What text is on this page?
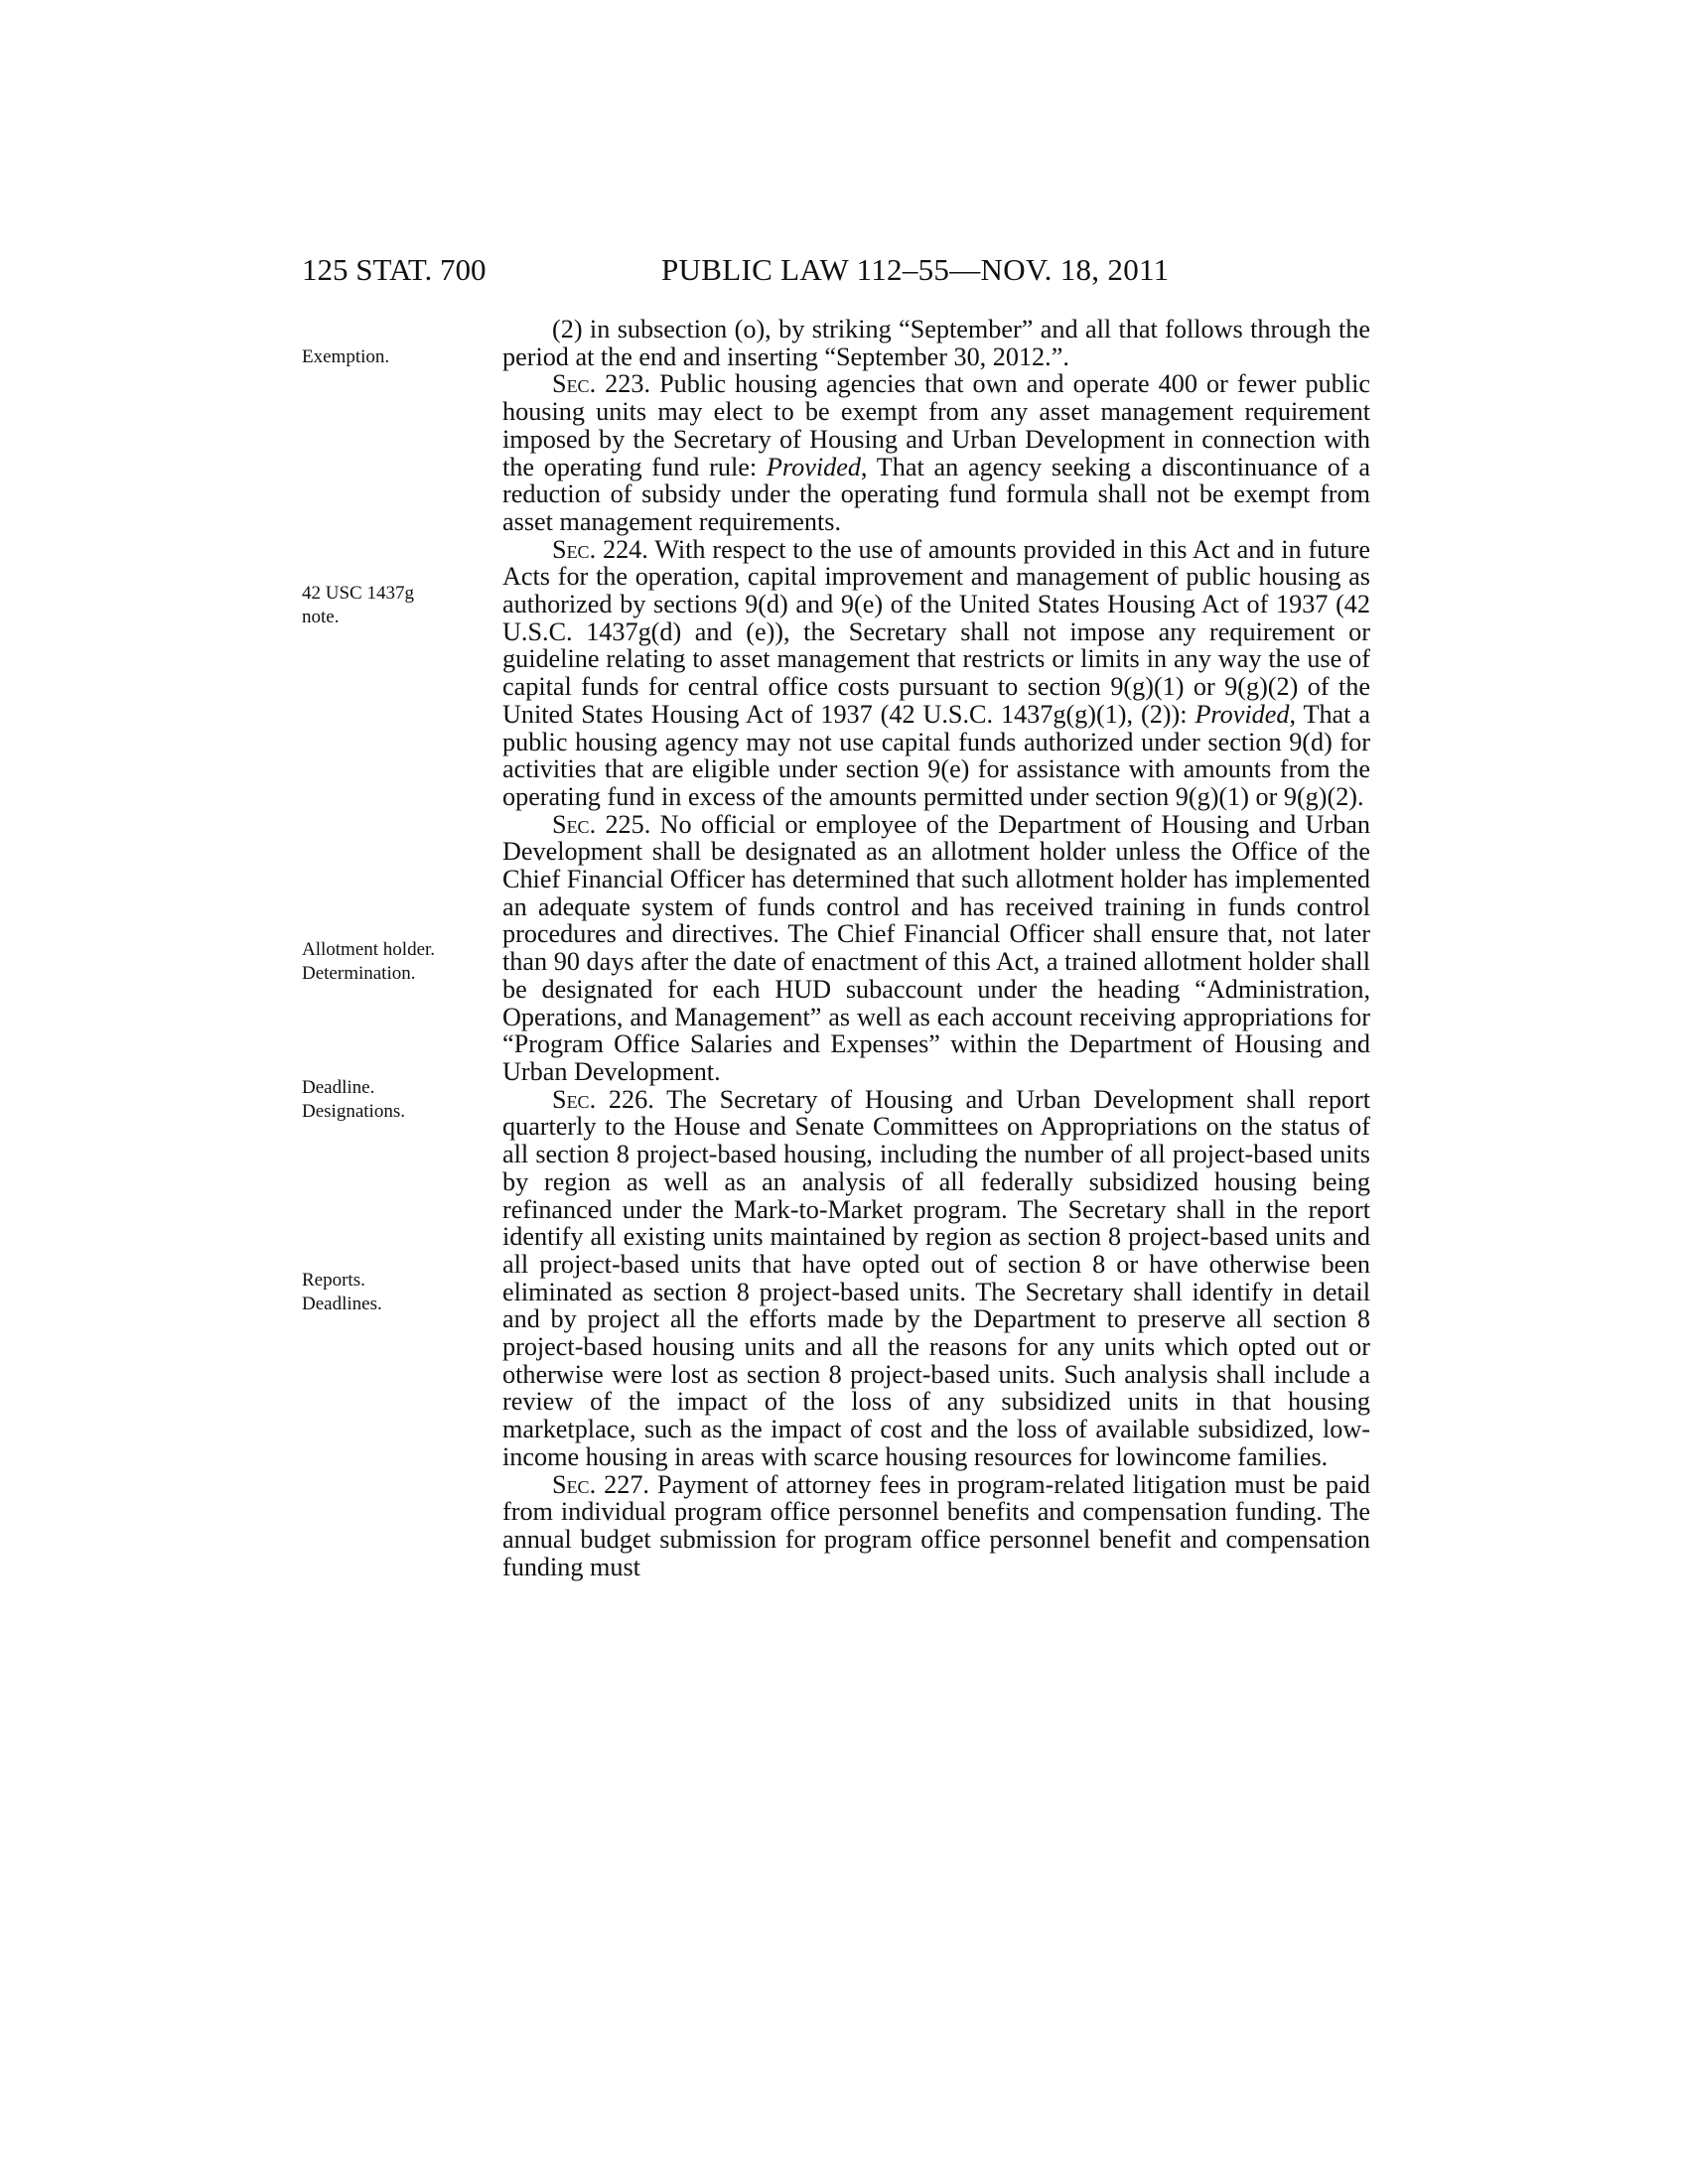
125 STAT. 700	PUBLIC LAW 112–55—NOV. 18, 2011
Exemption.
42 USC 1437g
note.
Allotment holder.
Determination.
Deadline.
Designations.
Reports.
Deadlines.

(2) in subsection (o), by striking “September” and all that follows through the period at the end and inserting “September 30, 2012.”.

Sec. 223. Public housing agencies that own and operate 400 or fewer public housing units may elect to be exempt from any asset management requirement imposed by the Secretary of Housing and Urban Development in connection with the operating fund rule: Provided, That an agency seeking a discontinuance of a reduction of subsidy under the operating fund formula shall not be exempt from asset management requirements.

Sec. 224. With respect to the use of amounts provided in this Act and in future Acts for the operation, capital improvement and management of public housing as authorized by sections 9(d) and 9(e) of the United States Housing Act of 1937 (42 U.S.C. 1437g(d) and (e)), the Secretary shall not impose any requirement or guideline relating to asset management that restricts or limits in any way the use of capital funds for central office costs pursuant to section 9(g)(1) or 9(g)(2) of the United States Housing Act of 1937 (42 U.S.C. 1437g(g)(1), (2)): Provided, That a public housing agency may not use capital funds authorized under section 9(d) for activities that are eligible under section 9(e) for assistance with amounts from the operating fund in excess of the amounts permitted under section 9(g)(1) or 9(g)(2).

Sec. 225. No official or employee of the Department of Housing and Urban Development shall be designated as an allotment holder unless the Office of the Chief Financial Officer has determined that such allotment holder has implemented an adequate system of funds control and has received training in funds control procedures and directives. The Chief Financial Officer shall ensure that, not later than 90 days after the date of enactment of this Act, a trained allotment holder shall be designated for each HUD subaccount under the heading “Administration, Operations, and Management” as well as each account receiving appropriations for “Program Office Salaries and Expenses” within the Department of Housing and Urban Development.

Sec. 226. The Secretary of Housing and Urban Development shall report quarterly to the House and Senate Committees on Appropriations on the status of all section 8 project-based housing, including the number of all project-based units by region as well as an analysis of all federally subsidized housing being refinanced under the Mark-to-Market program. The Secretary shall in the report identify all existing units maintained by region as section 8 project-based units and all project-based units that have opted out of section 8 or have otherwise been eliminated as section 8 project-based units. The Secretary shall identify in detail and by project all the efforts made by the Department to preserve all section 8 project-based housing units and all the reasons for any units which opted out or otherwise were lost as section 8 project-based units. Such analysis shall include a review of the impact of the loss of any subsidized units in that housing marketplace, such as the impact of cost and the loss of available subsidized, low-income housing in areas with scarce housing resources for lowincome families.

Sec. 227. Payment of attorney fees in program-related litigation must be paid from individual program office personnel benefits and compensation funding. The annual budget submission for program office personnel benefit and compensation funding must
